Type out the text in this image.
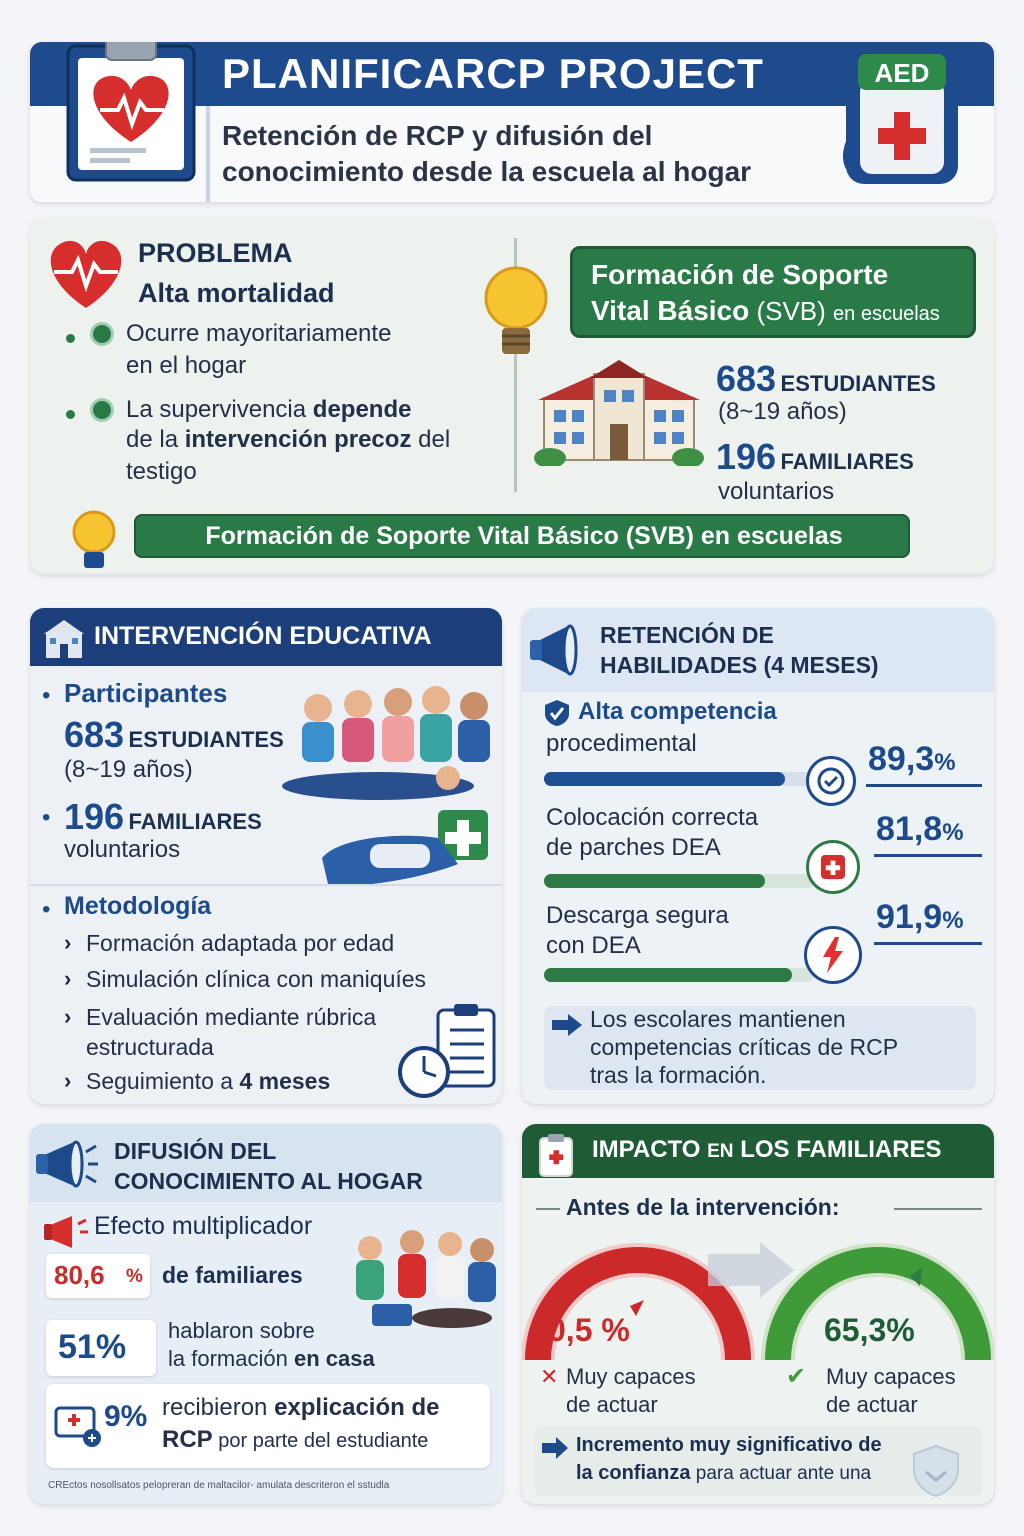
PLANIFICARCP PROJECT
Retención de RCP y difusión del
conocimiento desde la escuela al hogar
AED
PROBLEMA
Alta mortalidad
Ocurre mayoritariamente
en el hogar
La supervivencia depende
de la intervención precoz del
testigo
Formación de Soporte
Vital Básico (SVB) en escuelas
683 ESTUDIANTES
(8~19 años)
196 FAMILIARES
voluntarios
Formación de Soporte Vital Básico (SVB) en escuelas
INTERVENCIÓN EDUCATIVA
• Participantes
683 ESTUDIANTES
(8~19 años)
• 196 FAMILIARES
voluntarios
• Metodología
› Formación adaptada por edad
› Simulación clínica con maniquíes
› Evaluación mediante rúbrica
estructurada
› Seguimiento a 4 meses
RETENCIÓN DE
HABILIDADES (4 MESES)
Alta competencia
procedimental	89,3%
Colocación correcta
de parches DEA	81,8%
Descarga segura
con DEA
91,9%
Los escolares mantienen
competencias críticas de RCP
tras la formación.
DIFUSIÓN DEL
CONOCIMIENTO AL HOGAR
Efecto multiplicador
80,6 % de familiares
51% hablaron sobre
la formación en casa
9% recibieron explicación de
RCP por parte del estudiante
CREctos nosollsatos pelopreran de maltacilor- amulata descriteron el sstudla
IMPACTO EN LOS FAMILIARES
Antes de la intervención:
0,5 %	65,3%
✕ Muy capaces
de actuar
✔ Muy capaces
de actuar
Incremento muy significativo de
la confianza para actuar ante una
